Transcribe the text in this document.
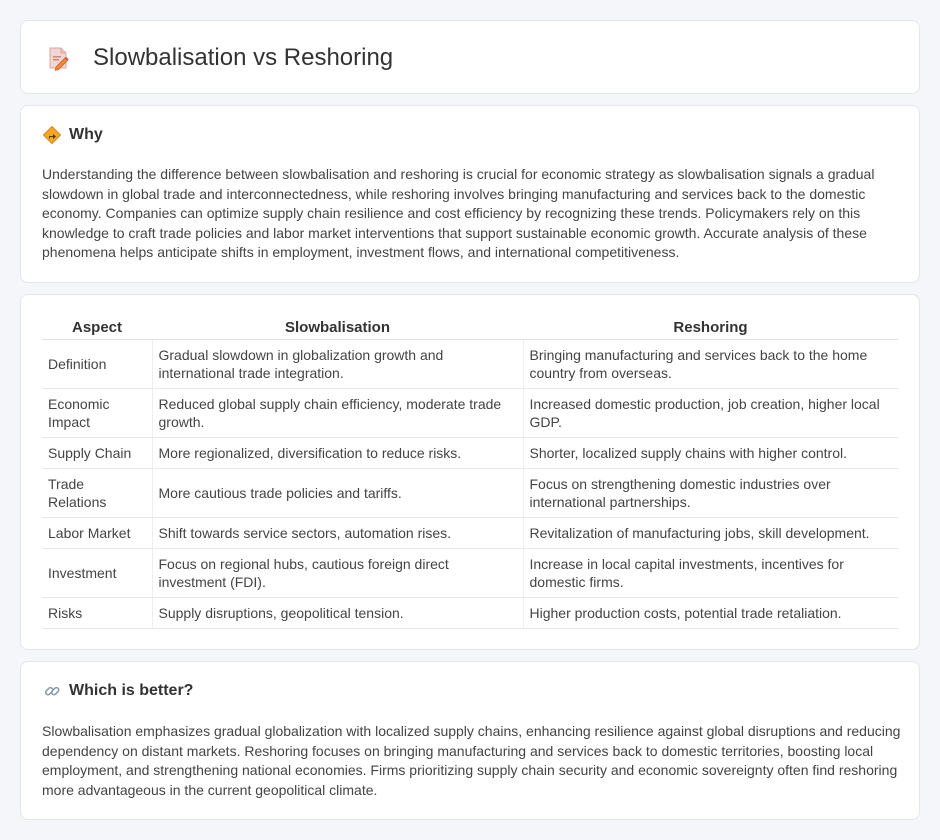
Slowbalisation vs Reshoring
Why

Understanding the difference between slowbalisation and reshoring is crucial for economic strategy as slowbalisation signals a gradual slowdown in global trade and interconnectedness, while reshoring involves bringing manufacturing and services back to the domestic economy. Companies can optimize supply chain resilience and cost efficiency by recognizing these trends. Policymakers rely on this knowledge to craft trade policies and labor market interventions that support sustainable economic growth. Accurate analysis of these phenomena helps anticipate shifts in employment, investment flows, and international competitiveness.

Aspect	Slowbalisation	Reshoring
Definition	Gradual slowdown in globalization growth and international trade integration.	Bringing manufacturing and services back to the home country from overseas.
Economic Impact	Reduced global supply chain efficiency, moderate trade growth.	Increased domestic production, job creation, higher local GDP.
Supply Chain	More regionalized, diversification to reduce risks.	Shorter, localized supply chains with higher control.
Trade Relations	More cautious trade policies and tariffs.	Focus on strengthening domestic industries over international partnerships.
Labor Market	Shift towards service sectors, automation rises.	Revitalization of manufacturing jobs, skill development.
Investment	Focus on regional hubs, cautious foreign direct investment (FDI).	Increase in local capital investments, incentives for domestic firms.
Risks	Supply disruptions, geopolitical tension.	Higher production costs, potential trade retaliation.
Which is better?

Slowbalisation emphasizes gradual globalization with localized supply chains, enhancing resilience against global disruptions and reducing dependency on distant markets. Reshoring focuses on bringing manufacturing and services back to domestic territories, boosting local employment, and strengthening national economies. Firms prioritizing supply chain security and economic sovereignty often find reshoring more advantageous in the current geopolitical climate.
